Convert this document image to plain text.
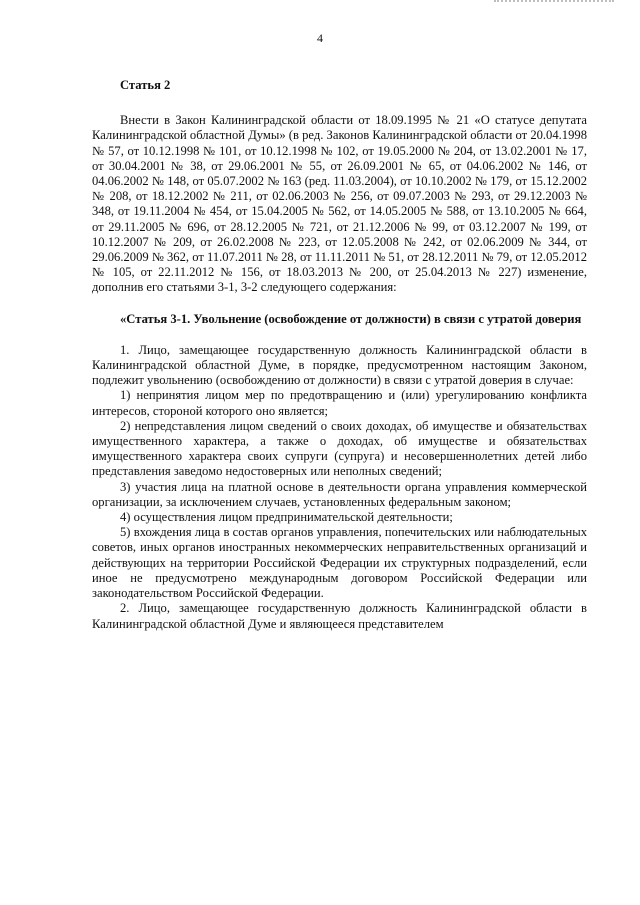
4

Статья 2

Внести в Закон Калининградской области от 18.09.1995 № 21 «О статусе депутата Калининградской областной Думы» (в ред. Законов Калининградской области от 20.04.1998 № 57, от 10.12.1998 № 101, от 10.12.1998 № 102, от 19.05.2000 № 204, от 13.02.2001 № 17, от 30.04.2001 № 38, от 29.06.2001 № 55, от 26.09.2001 № 65, от 04.06.2002 № 146, от 04.06.2002 № 148, от 05.07.2002 № 163 (ред. 11.03.2004), от 10.10.2002 № 179, от 15.12.2002 № 208, от 18.12.2002 № 211, от 02.06.2003 № 256, от 09.07.2003 № 293, от 29.12.2003 № 348, от 19.11.2004 № 454, от 15.04.2005 № 562, от 14.05.2005 № 588, от 13.10.2005 № 664, от 29.11.2005 № 696, от 28.12.2005 № 721, от 21.12.2006 № 99, от 03.12.2007 № 199, от 10.12.2007 № 209, от 26.02.2008 № 223, от 12.05.2008 № 242, от 02.06.2009 № 344, от 29.06.2009 № 362, от 11.07.2011 № 28, от 11.11.2011 № 51, от 28.12.2011 № 79, от 12.05.2012 № 105, от 22.11.2012 № 156, от 18.03.2013 № 200, от 25.04.2013 № 227) изменение, дополнив его статьями 3-1, 3-2 следующего содержания:

«Статья 3-1. Увольнение (освобождение от должности) в связи с утратой доверия

1. Лицо, замещающее государственную должность Калининградской области в Калининградской областной Думе, в порядке, предусмотренном настоящим Законом, подлежит увольнению (освобождению от должности) в связи с утратой доверия в случае:

1) непринятия лицом мер по предотвращению и (или) урегулированию конфликта интересов, стороной которого оно является;

2) непредставления лицом сведений о своих доходах, об имуществе и обязательствах имущественного характера, а также о доходах, об имуществе и обязательствах имущественного характера своих супруги (супруга) и несовершеннолетних детей либо представления заведомо недостоверных или неполных сведений;

3) участия лица на платной основе в деятельности органа управления коммерческой организации, за исключением случаев, установленных федеральным законом;

4) осуществления лицом предпринимательской деятельности;

5) вхождения лица в состав органов управления, попечительских или наблюдательных советов, иных органов иностранных некоммерческих неправительственных организаций и действующих на территории Российской Федерации их структурных подразделений, если иное не предусмотрено международным договором Российской Федерации или законодательством Российской Федерации.

2. Лицо, замещающее государственную должность Калининградской области в Калининградской областной Думе и являющееся представителем
